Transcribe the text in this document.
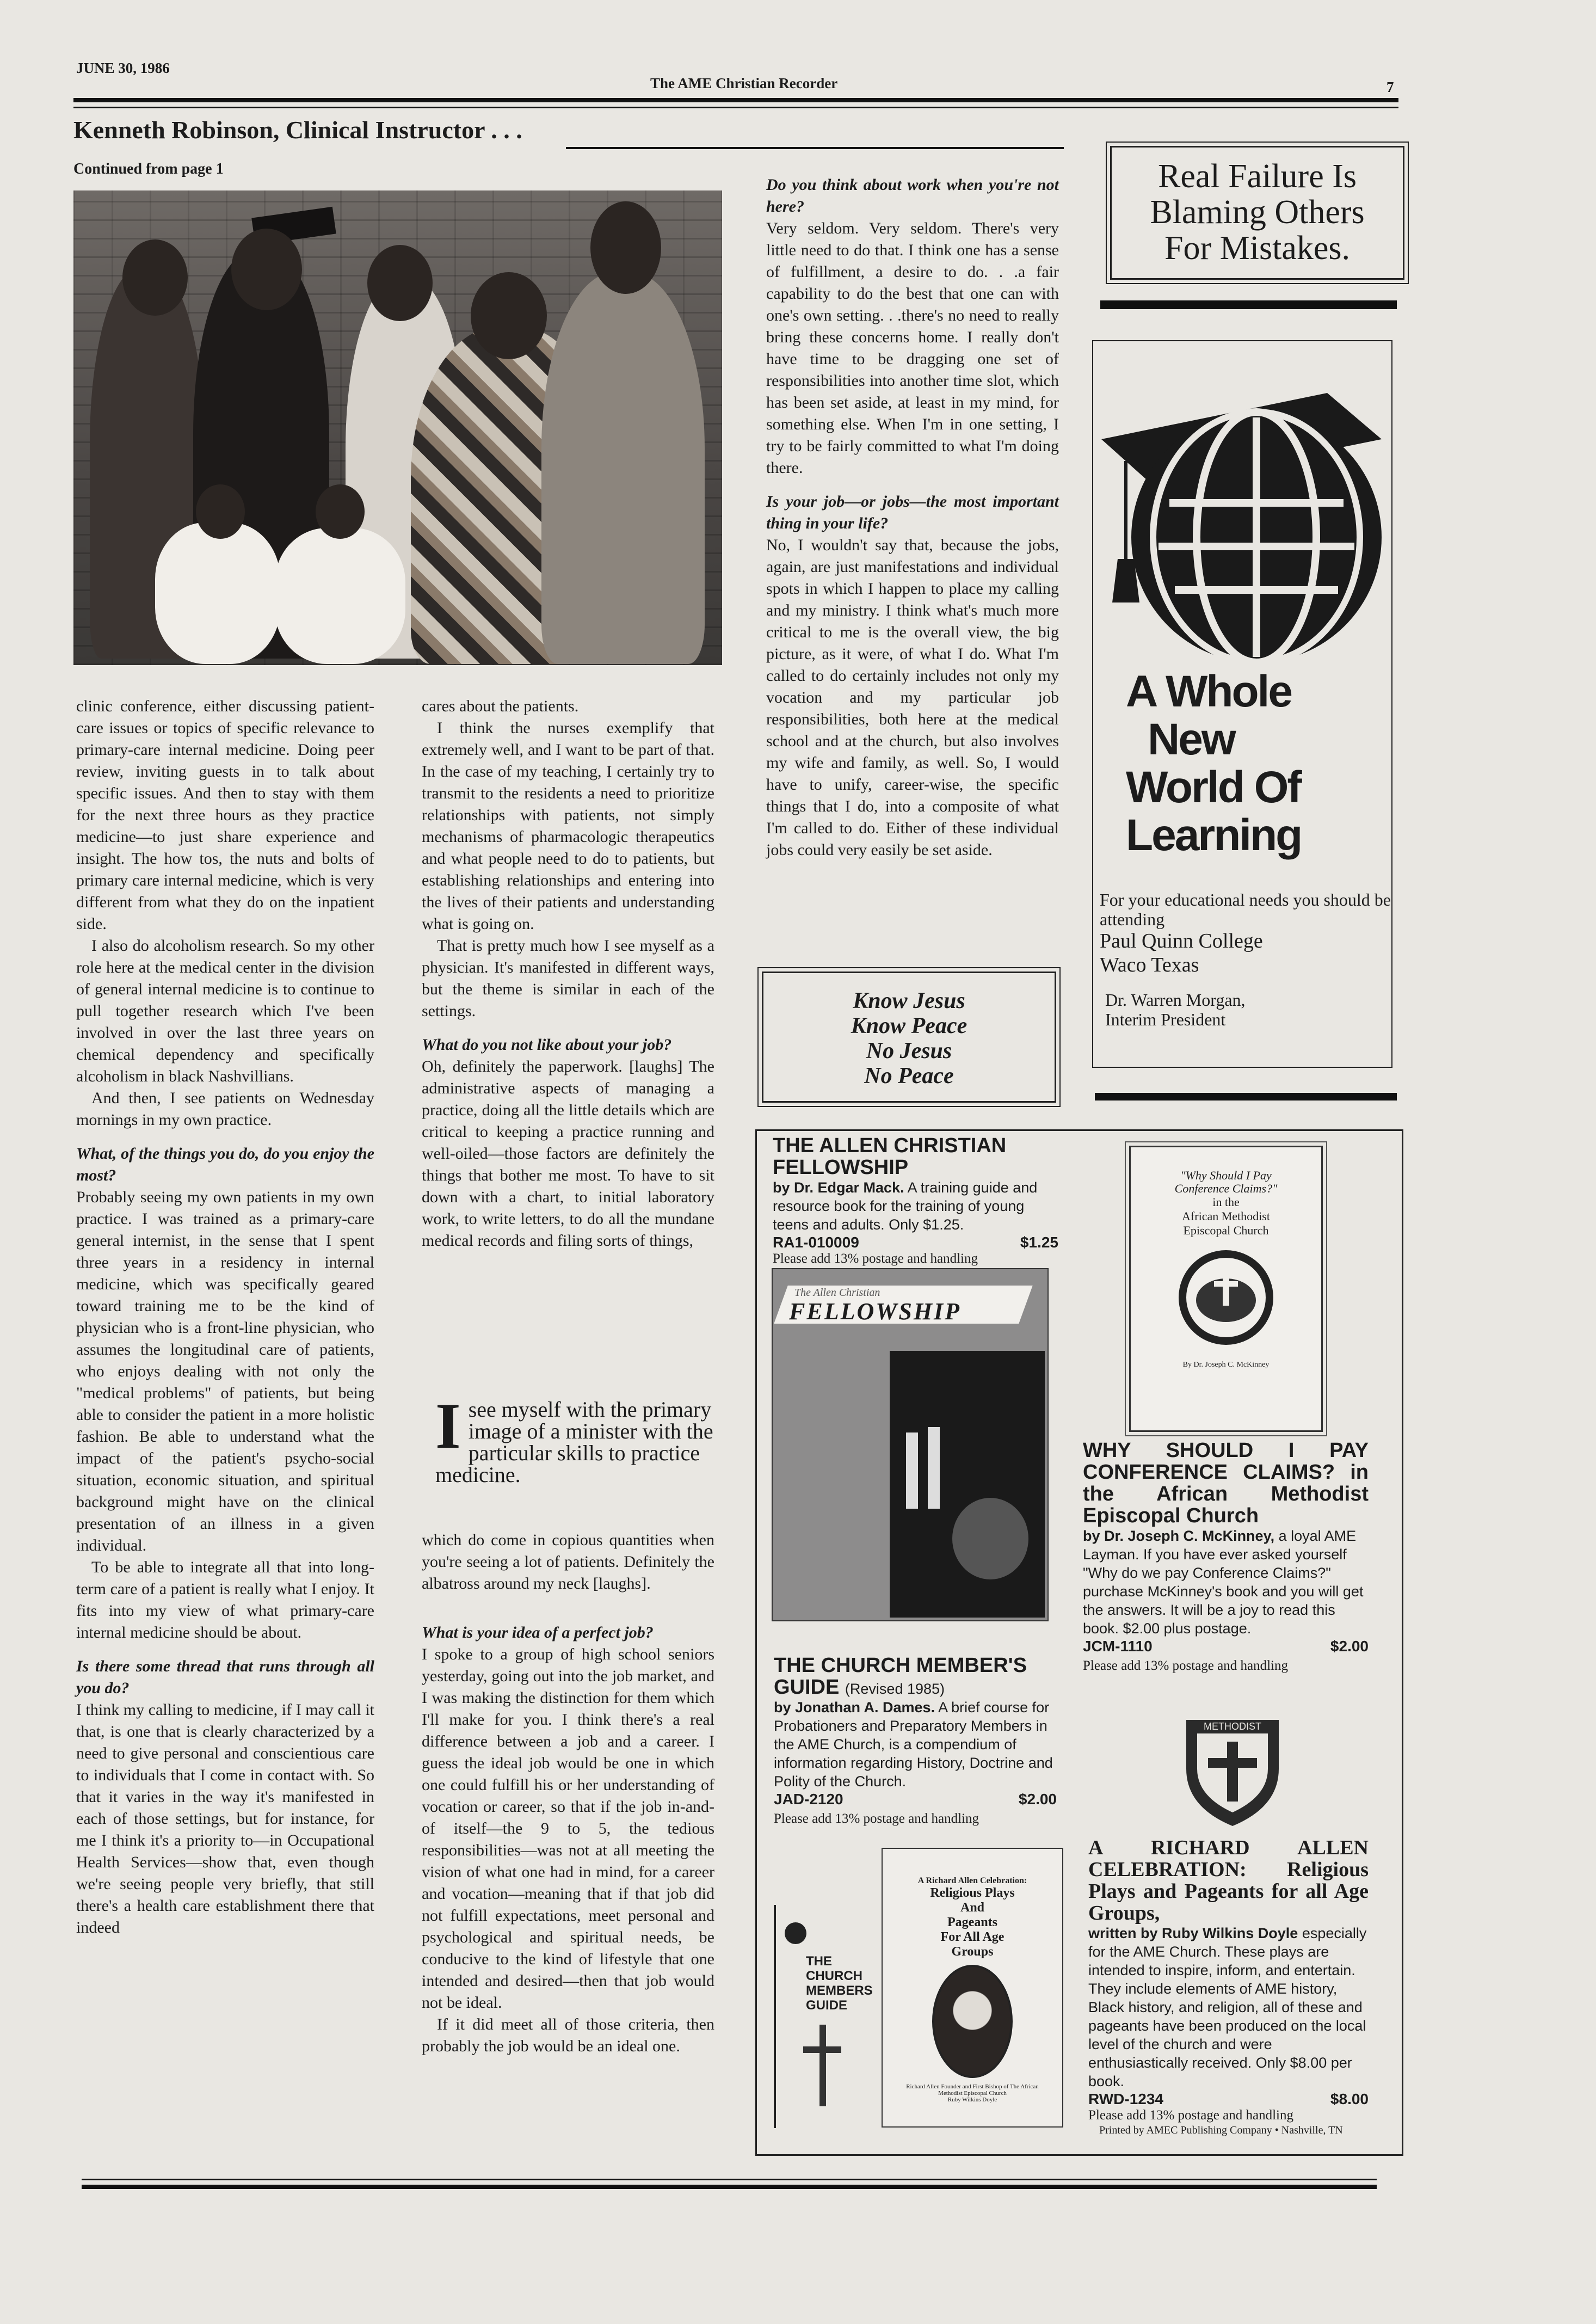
JUNE 30, 1986
The AME Christian Recorder	7
Kenneth Robinson, Clinical Instructor . . .
Continued from page 1

clinic conference, either discussing patient-care issues or topics of specific relevance to primary-care internal medicine. Doing peer review, inviting guests in to talk about specific issues. And then to stay with them for the next three hours as they practice medicine—to just share experience and insight. The how tos, the nuts and bolts of primary care internal medicine, which is very different from what they do on the inpatient side.

I also do alcoholism research. So my other role here at the medical center in the division of general internal medicine is to continue to pull together research which I've been involved in over the last three years on chemical dependency and specifically alcoholism in black Nashvillians.

And then, I see patients on Wednesday mornings in my own practice.

What, of the things you do, do you enjoy the most?

Probably seeing my own patients in my own practice. I was trained as a primary-care general internist, in the sense that I spent three years in a residency in internal medicine, which was specifically geared toward training me to be the kind of physician who is a front-line physician, who assumes the longitudinal care of patients, who enjoys dealing with not only the "medical problems" of patients, but being able to consider the patient in a more holistic fashion. Be able to understand what the impact of the patient's psycho-social situation, economic situation, and spiritual background might have on the clinical presentation of an illness in a given individual.

To be able to integrate all that into long-term care of a patient is really what I enjoy. It fits into my view of what primary-care internal medicine should be about.

Is there some thread that runs through all you do?

I think my calling to medicine, if I may call it that, is one that is clearly characterized by a need to give personal and conscientious care to individuals that I come in contact with. So that it varies in the way it's manifested in each of those settings, but for instance, for me I think it's a priority to—in Occupational Health Services—show that, even though we're seeing people very briefly, that still there's a health care establishment there that indeed

cares about the patients.

I think the nurses exemplify that extremely well, and I want to be part of that. In the case of my teaching, I certainly try to transmit to the residents a need to prioritize relationships with patients, not simply mechanisms of pharmacologic therapeutics and what people need to do to patients, but establishing relationships and entering into the lives of their patients and understanding what is going on.

That is pretty much how I see myself as a physician. It's manifested in different ways, but the theme is similar in each of the settings.

What do you not like about your job?

Oh, definitely the paperwork. [laughs] The administrative aspects of managing a practice, doing all the little details which are critical to keeping a practice running and well-oiled—those factors are definitely the things that bother me most. To have to sit down with a chart, to initial laboratory work, to write letters, to do all the mundane medical records and filing sorts of things,

Isee myself with the primary image of a minister with the particular skills to practice medicine.

which do come in copious quantities when you're seeing a lot of patients. Definitely the albatross around my neck [laughs].

What is your idea of a perfect job?

I spoke to a group of high school seniors yesterday, going out into the job market, and I was making the distinction for them which I'll make for you. I think there's a real difference between a job and a career. I guess the ideal job would be one in which one could fulfill his or her understanding of vocation or career, so that if the job in-and-of itself—the 9 to 5, the tedious responsibilities—was not at all meeting the vision of what one had in mind, for a career and vocation—meaning that if that job did not fulfill expectations, meet personal and psychological and spiritual needs, be conducive to the kind of lifestyle that one intended and desired—then that job would not be ideal.

If it did meet all of those criteria, then probably the job would be an ideal one.

Do you think about work when you're not here?

Very seldom. Very seldom. There's very little need to do that. I think one has a sense of fulfillment, a desire to do. . .a fair capability to do the best that one can with one's own setting. . .there's no need to really bring these concerns home. I really don't have time to be dragging one set of responsibilities into another time slot, which has been set aside, at least in my mind, for something else. When I'm in one setting, I try to be fairly committed to what I'm doing there.

Is your job—or jobs—the most important thing in your life?

No, I wouldn't say that, because the jobs, again, are just manifestations and individual spots in which I happen to place my calling and my ministry. I think what's much more critical to me is the overall view, the big picture, as it were, of what I do. What I'm called to do certainly includes not only my vocation and my particular job responsibilities, both here at the medical school and at the church, but also involves my wife and family, as well. So, I would have to unify, career-wise, the specific things that I do, into a composite of what I'm called to do. Either of these individual jobs could very easily be set aside.

Know Jesus
Know Peace
No Jesus
No Peace
Real Failure Is
Blaming Others
For Mistakes.
A Whole
New
World Of
Learning
For your educational needs you should be attending
Paul Quinn College
Waco Texas
Dr. Warren Morgan,
Interim President
THE ALLEN CHRISTIAN FELLOWSHIP
by Dr. Edgar Mack. A training guide and resource book for the training of young teens and adults. Only $1.25.
RA1-010009	$1.25
Please add 13% postage and handling
The Allen Christian
FELLOWSHIP
THE CHURCH MEMBER'S GUIDE (Revised 1985)
by Jonathan A. Dames. A brief course for Probationers and Preparatory Members in the AME Church, is a compendium of information regarding History, Doctrine and Polity of the Church.
JAD-2120	$2.00
Please add 13% postage and handling
THE
CHURCH
MEMBERS
GUIDE
A Richard Allen Celebration:
Religious Plays
And
Pageants
For All Age
Groups
Richard Allen Founder and First Bishop of The African Methodist Episcopal Church
Ruby Wilkins Doyle
"Why Should I Pay
Conference Claims?"
in the
African Methodist
Episcopal Church
By Dr. Joseph C. McKinney
WHY SHOULD I PAY CONFERENCE CLAIMS? in the African Methodist Episcopal Church
by Dr. Joseph C. McKinney, a loyal AME Layman. If you have ever asked yourself "Why do we pay Conference Claims?" purchase McKinney's book and you will get the answers. It will be a joy to read this book. $2.00 plus postage.
JCM-1110	$2.00
Please add 13% postage and handling
METHODIST
A RICHARD ALLEN CELEBRATION: Religious Plays and Pageants for all Age Groups,
written by Ruby Wilkins Doyle especially for the AME Church. These plays are intended to inspire, inform, and entertain. They include elements of AME history, Black history, and religion, all of these and pageants have been produced on the local level of the church and were enthusiastically received. Only $8.00 per book.
RWD-1234	$8.00
Please add 13% postage and handling
Printed by AMEC Publishing Company • Nashville, TN
